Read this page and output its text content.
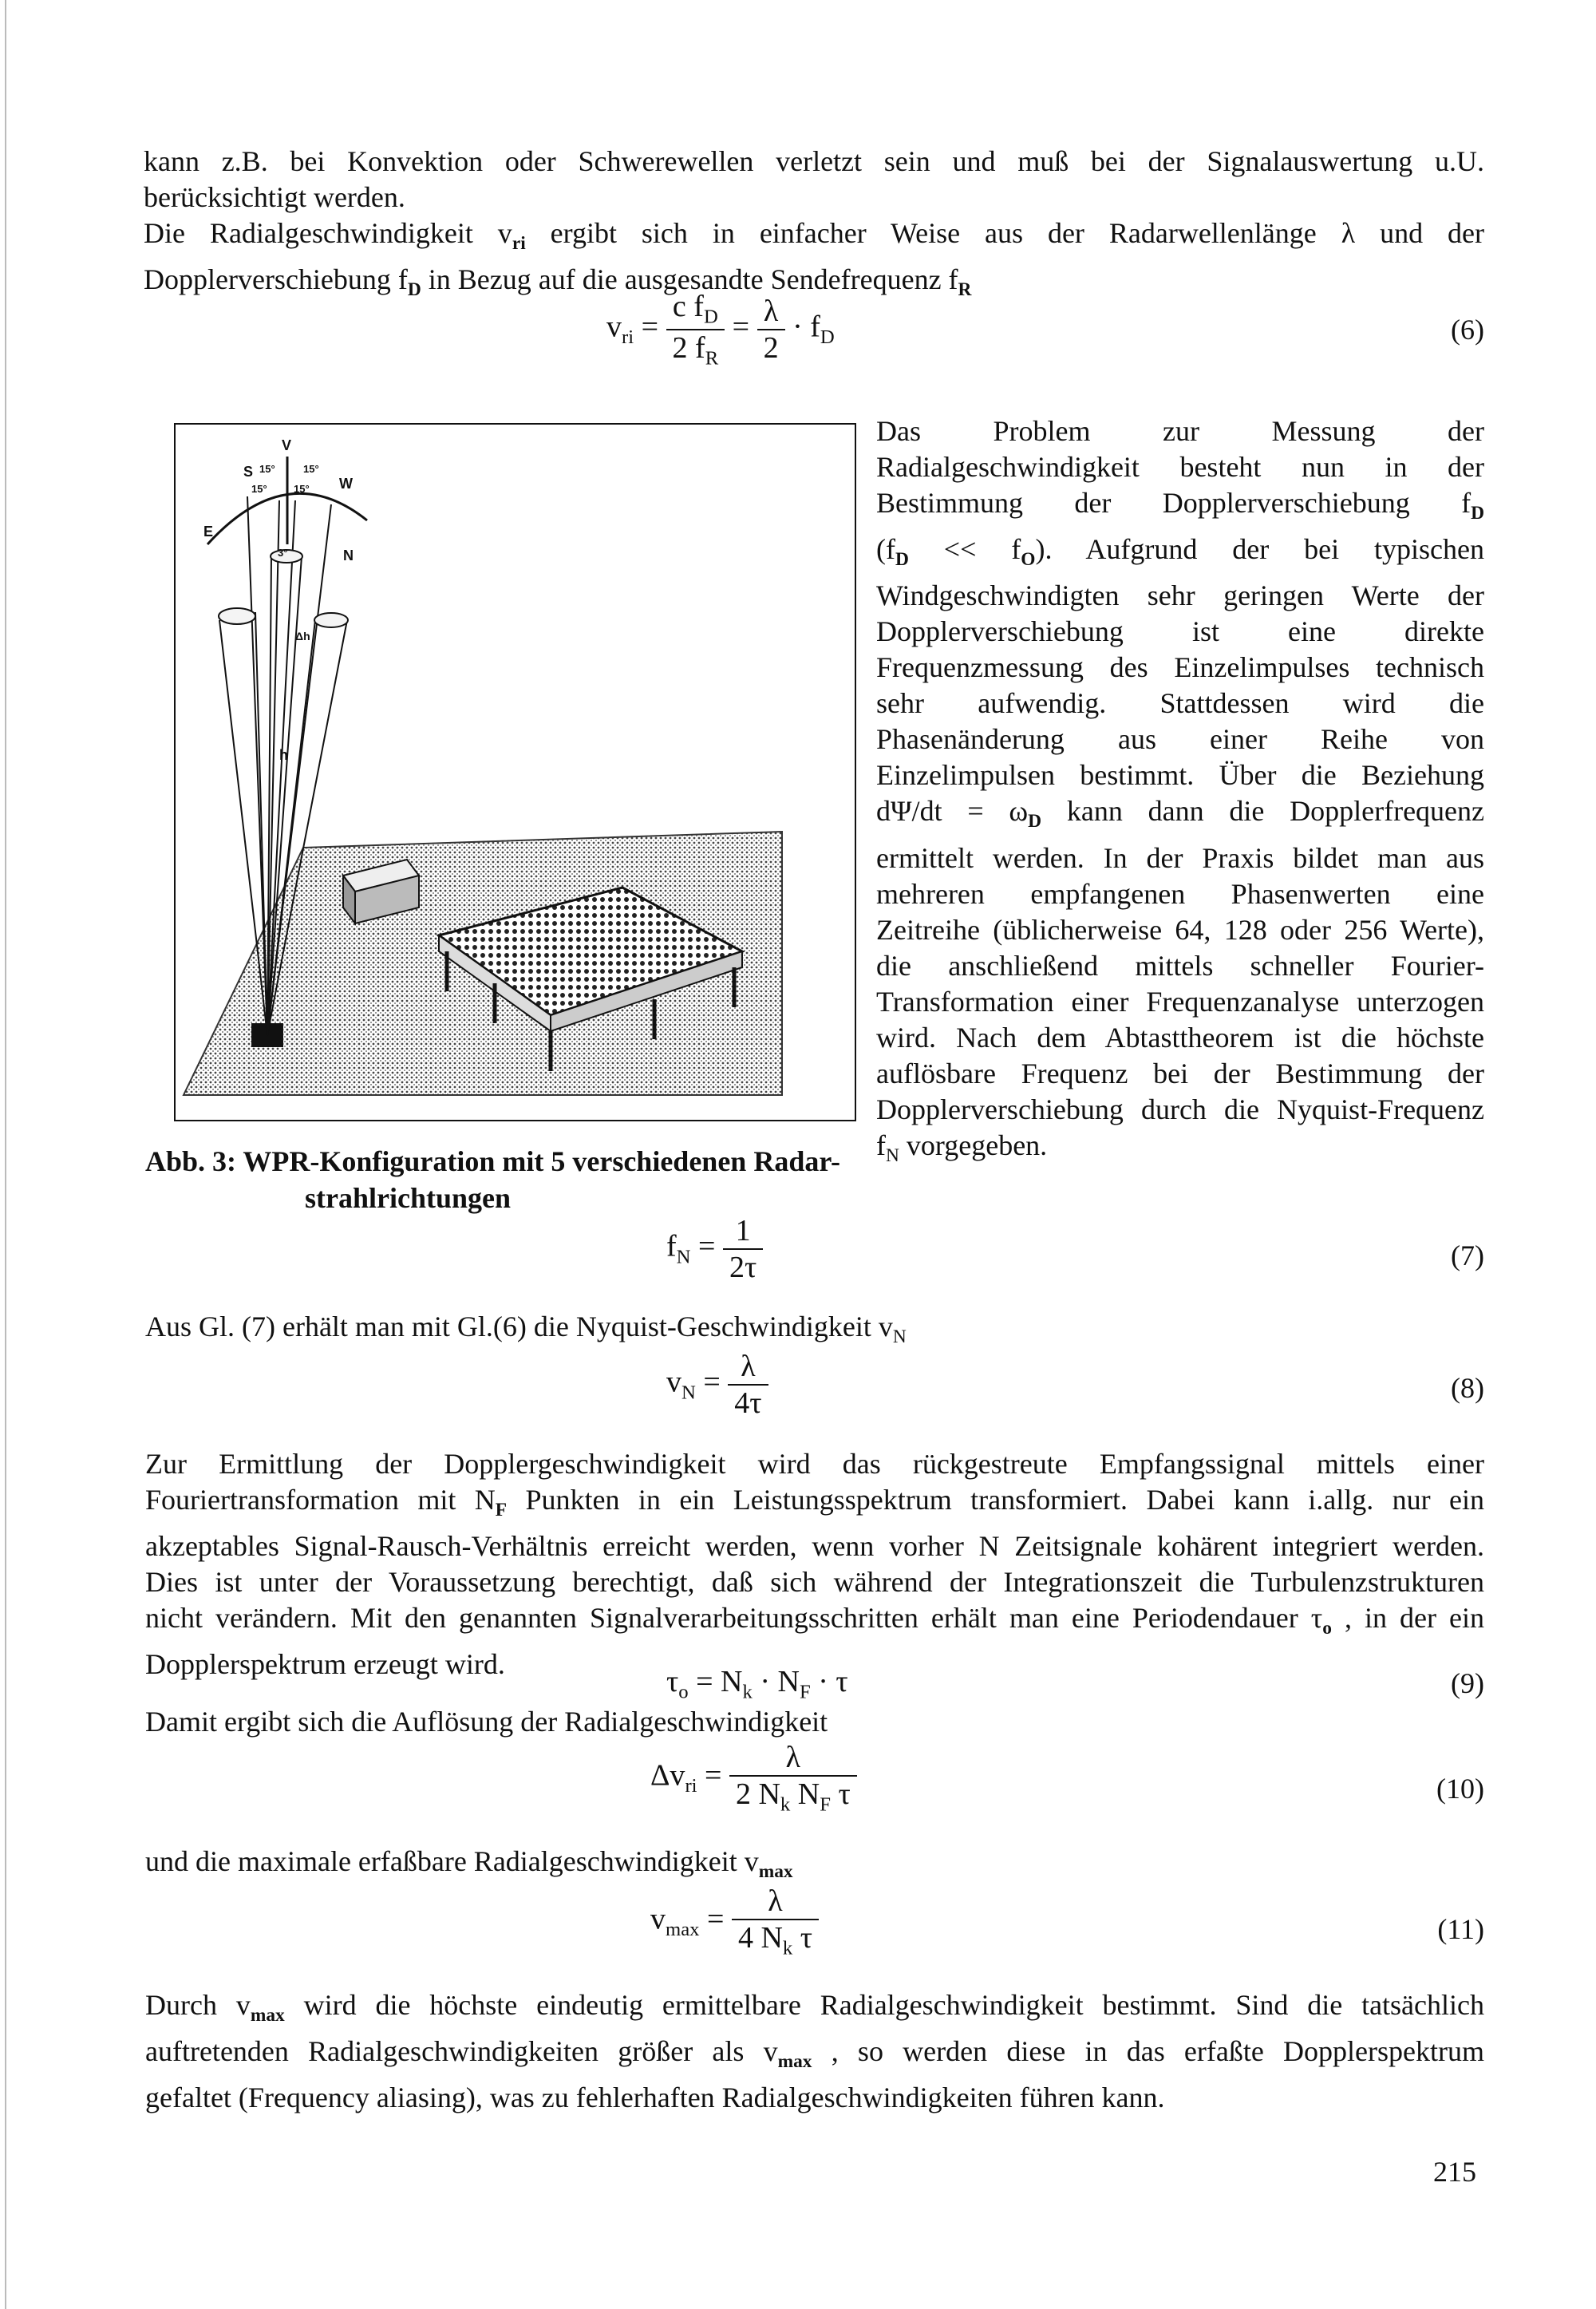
kann z.B. bei Konvektion oder Schwerewellen verletzt sein und muß bei der Signalauswertung u.U.
berücksichtigt werden.
Die Radialgeschwindigkeit $v_{ri}$ ergibt sich in einfacher Weise aus der Radarwellenlänge λ und der
Dopplerverschiebung $f_D$ in Bezug auf die ausgesandte Sendefrequenz $f_R$
$v_{ri} = \frac{c f_D}{2 f_R} = \frac{\lambda}{2} \cdot f_D$	(6)
S
V
W
E
N
15°	15°
15°	15°
3°
Δh
h
Das Problem zur Messung der
Radialgeschwindigkeit besteht nun in der
Bestimmung der Dopplerverschiebung $f_D$
$(f_D << f_O)$. Aufgrund der bei typischen
Windgeschwindigten sehr geringen Werte der
Dopplerverschiebung ist eine direkte
Frequenzmessung des Einzelimpulses technisch
sehr aufwendig. Stattdessen wird die
Phasenänderung aus einer Reihe von
Einzelimpulsen bestimmt. Über die Beziehung
$d\Psi/dt = \omega_D$ kann dann die Dopplerfrequenz
ermittelt werden. In der Praxis bildet man aus
mehreren empfangenen Phasenwerten eine
Zeitreihe (üblicherweise 64, 128 oder 256 Werte),
die anschließend mittels schneller Fourier-
Transformation einer Frequenzanalyse unterzogen
wird. Nach dem Abtasttheorem ist die höchste
auflösbare Frequenz bei der Bestimmung der
Dopplerverschiebung durch die Nyquist-Frequenz
$f_N$ vorgegeben.
Abb. 3: WPR-Konfiguration mit 5 verschiedenen Radar-
strahlrichtungen
$f_N = \frac{1}{2\tau}$	(7)
Aus Gl. (7) erhält man mit Gl.(6) die Nyquist-Geschwindigkeit $v_N$
$v_N = \frac{\lambda}{4\tau}$	(8)
Zur Ermittlung der Dopplergeschwindigkeit wird das rückgestreute Empfangssignal mittels einer
Fouriertransformation mit $N_F$ Punkten in ein Leistungsspektrum transformiert. Dabei kann i.allg. nur ein
akzeptables Signal-Rausch-Verhältnis erreicht werden, wenn vorher N Zeitsignale kohärent integriert werden.
Dies ist unter der Voraussetzung berechtigt, daß sich während der Integrationszeit die Turbulenzstrukturen
nicht verändern. Mit den genannten Signalverarbeitungsschritten erhält man eine Periodendauer $\tau_o$ , in der ein
Dopplerspektrum erzeugt wird.
$\tau_o = N_k \cdot N_F \cdot \tau$	(9)
Damit ergibt sich die Auflösung der Radialgeschwindigkeit
$\Delta v_{ri} = \frac{\lambda}{2 N_k N_F \tau}$	(10)
und die maximale erfaßbare Radialgeschwindigkeit $v_{max}$
$v_{max} = \frac{\lambda}{4 N_k \tau}$	(11)
Durch $v_{max}$ wird die höchste eindeutig ermittelbare Radialgeschwindigkeit bestimmt. Sind die tatsächlich
auftretenden Radialgeschwindigkeiten größer als $v_{max}$ , so werden diese in das erfaßte Dopplerspektrum
gefaltet (Frequency aliasing), was zu fehlerhaften Radialgeschwindigkeiten führen kann.
215
